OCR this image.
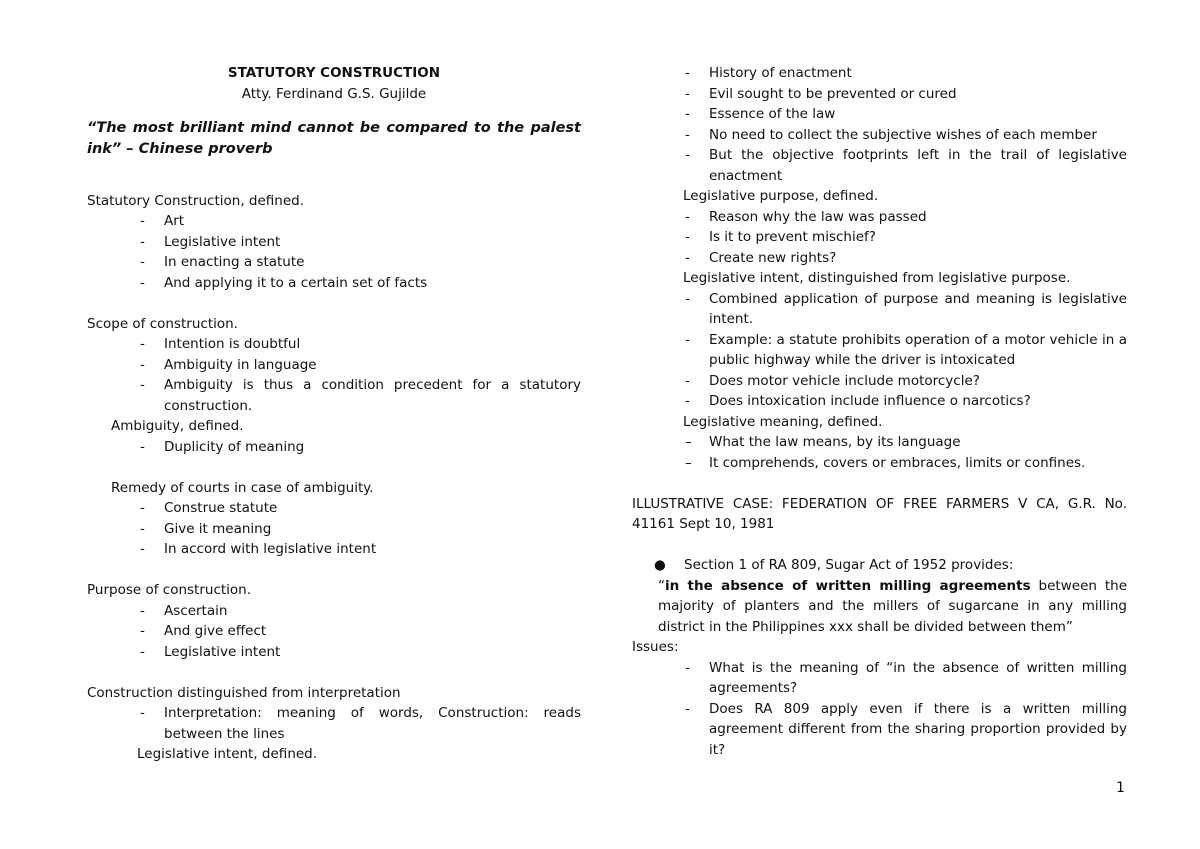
STATUTORY CONSTRUCTION
Atty. Ferdinand G.S. Gujilde
“The most brilliant mind cannot be compared to the palest ink” – Chinese proverb
Statutory Construction, defined.
- Art
- Legislative intent
- In enacting a statute
- And applying it to a certain set of facts
Scope of construction.
- Intention is doubtful
- Ambiguity in language
- Ambiguity is thus a condition precedent for a statutory construction.
Ambiguity, defined.
- Duplicity of meaning
Remedy of courts in case of ambiguity.
- Construe statute
- Give it meaning
- In accord with legislative intent
Purpose of construction.
- Ascertain
- And give effect
- Legislative intent
Construction distinguished from interpretation
- Interpretation: meaning of words, Construction: reads between the lines
Legislative intent, defined.
- History of enactment
- Evil sought to be prevented or cured
- Essence of the law
- No need to collect the subjective wishes of each member
- But the objective footprints left in the trail of legislative enactment
Legislative purpose, defined.
- Reason why the law was passed
- Is it to prevent mischief?
- Create new rights?
Legislative intent, distinguished from legislative purpose.
- Combined application of purpose and meaning is legislative intent.
- Example: a statute prohibits operation of a motor vehicle in a public highway while the driver is intoxicated
- Does motor vehicle include motorcycle?
- Does intoxication include influence o narcotics?
Legislative meaning, defined.
– What the law means, by its language
– It comprehends, covers or embraces, limits or confines.
ILLUSTRATIVE CASE: FEDERATION OF FREE FARMERS V CA, G.R. No. 41161 Sept 10, 1981
● Section 1 of RA 809, Sugar Act of 1952 provides:
“in the absence of written milling agreements between the majority of planters and the millers of sugarcane in any milling district in the Philippines xxx shall be divided between them”
Issues:
- What is the meaning of “in the absence of written milling agreements?
- Does RA 809 apply even if there is a written milling agreement different from the sharing proportion provided by it?
1
